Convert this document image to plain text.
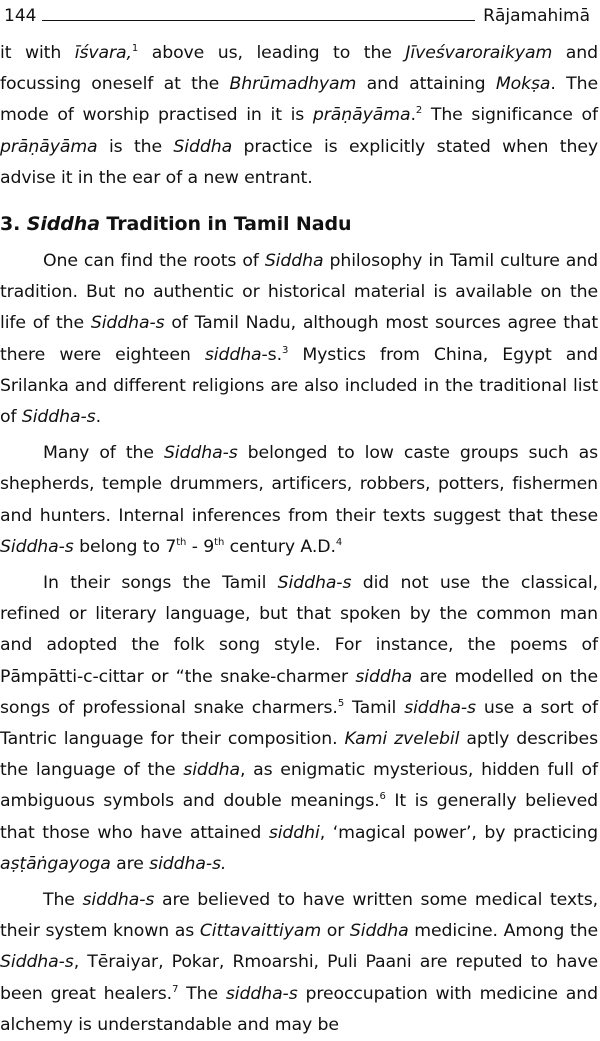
144	Rājamahimā

it with īśvara,$^1$ above us, leading to the Jīveśvaroraikyam and focussing oneself at the Bhrūmadhyam and attaining Mokṣa. The mode of worship practised in it is prāṇāyāma.$^2$ The significance of prāṇāyāma is the Siddha practice is explicitly stated when they advise it in the ear of a new entrant.

3. Siddha Tradition in Tamil Nadu

One can find the roots of Siddha philosophy in Tamil culture and tradition. But no authentic or historical material is available on the life of the Siddha-s of Tamil Nadu, although most sources agree that there were eighteen siddha-s.$^3$ Mystics from China, Egypt and Srilanka and different religions are also included in the traditional list of Siddha-s.

Many of the Siddha-s belonged to low caste groups such as shepherds, temple drummers, artificers, robbers, potters, fishermen and hunters. Internal inferences from their texts suggest that these Siddha-s belong to 7th - 9th century A.D.$^4$

In their songs the Tamil Siddha-s did not use the classical, refined or literary language, but that spoken by the common man and adopted the folk song style. For instance, the poems of Pāmpātti-c-cittar or “the snake-charmer siddha are modelled on the songs of professional snake charmers.$^5$ Tamil siddha-s use a sort of Tantric language for their composition. Kami zvelebil aptly describes the language of the siddha, as enigmatic mysterious, hidden full of ambiguous symbols and double meanings.$^6$ It is generally believed that those who have attained siddhi, ‘magical power’, by practicing aṣṭāṅgayoga are siddha-s.

The siddha-s are believed to have written some medical texts, their system known as Cittavaittiyam or Siddha medicine. Among the Siddha-s, Tēraiyar, Pokar, Rmoarshi, Puli Paani are reputed to have been great healers.$^7$ The siddha-s preoccupation with medicine and alchemy is understandable and may be
